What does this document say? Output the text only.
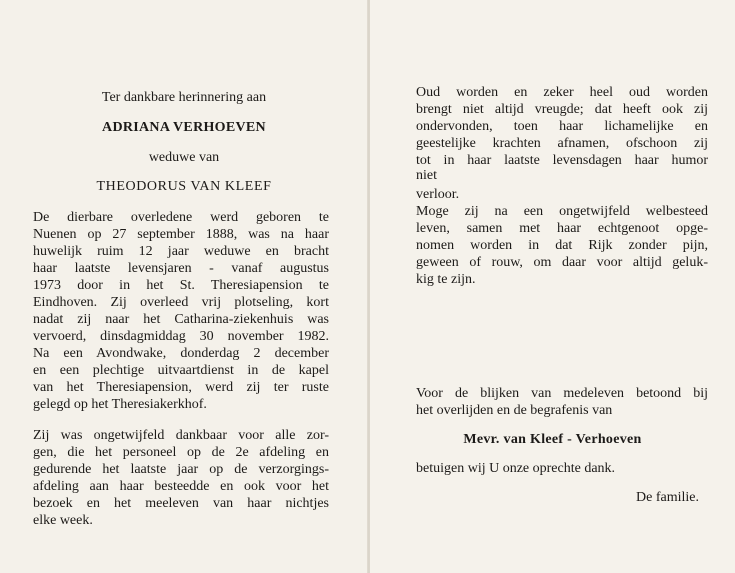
Ter dankbare herinnering aan
ADRIANA VERHOEVEN
weduwe van
THEODORUS VAN KLEEF
De dierbare overledene werd geboren te
Nuenen op 27 september 1888, was na haar
huwelijk ruim 12 jaar weduwe en bracht
haar laatste levensjaren - vanaf augustus
1973 door in het St. Theresiapension te
Eindhoven. Zij overleed vrij plotseling, kort
nadat zij naar het Catharina-ziekenhuis was
vervoerd, dinsdagmiddag 30 november 1982.
Na een Avondwake, donderdag 2 december
en een plechtige uitvaartdienst in de kapel
van het Theresiapension, werd zij ter ruste
gelegd op het Theresiakerkhof.
Zij was ongetwijfeld dankbaar voor alle zor-
gen, die het personeel op de 2e afdeling en
gedurende het laatste jaar op de verzorgings-
afdeling aan haar besteedde en ook voor het
bezoek en het meeleven van haar nichtjes
elke week.
Oud worden en zeker heel oud worden
brengt niet altijd vreugde; dat heeft ook zij
ondervonden, toen haar lichamelijke en
geestelijke krachten afnamen, ofschoon zij
tot in haar laatste levensdagen haar humor
niet
verloor.
Moge zij na een ongetwijfeld welbesteed
leven, samen met haar echtgenoot opge-
nomen worden in dat Rijk zonder pijn,
geween of rouw, om daar voor altijd geluk-
kig te zijn.
Voor de blijken van medeleven betoond bij
het overlijden en de begrafenis van
Mevr. van Kleef - Verhoeven
betuigen wij U onze oprechte dank.
De familie.
